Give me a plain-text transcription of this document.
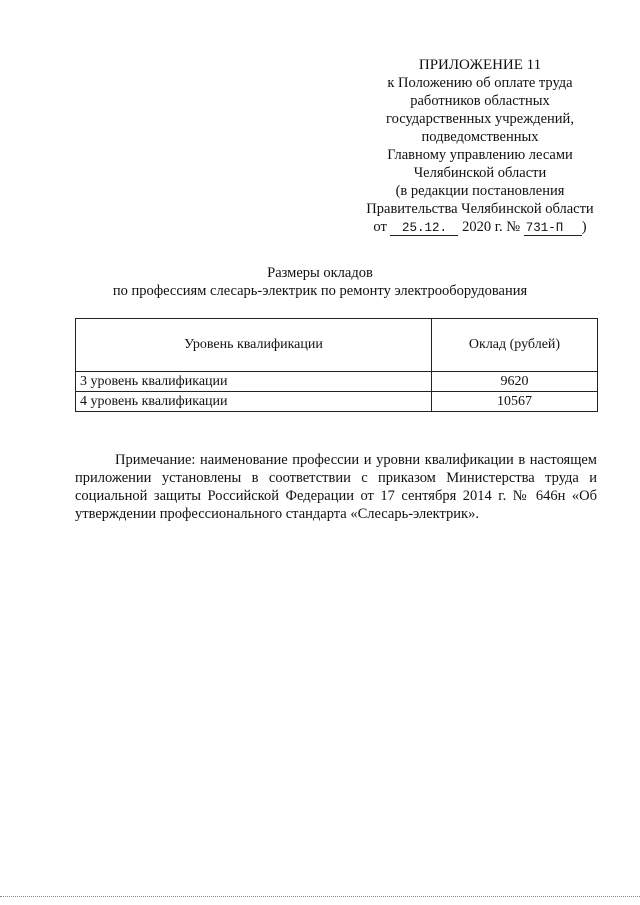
ПРИЛОЖЕНИЕ 11
к Положению об оплате труда
работников областных
государственных учреждений,
подведомственных
Главному управлению лесами
Челябинской области
(в редакции постановления
Правительства Челябинской области
от 25.12. 2020 г. № 731-П )
Размеры окладов
по профессиям слесарь-электрик по ремонту электрооборудования
Уровень квалификации	Оклад (рублей)
3 уровень квалификации	9620
4 уровень квалификации	10567

Примечание: наименование профессии и уровни квалификации в настоящем приложении установлены в соответствии с приказом Министерства труда и социальной защиты Российской Федерации от 17 сентября 2014 г. № 646н «Об утверждении профессионального стандарта «Слесарь-электрик».
